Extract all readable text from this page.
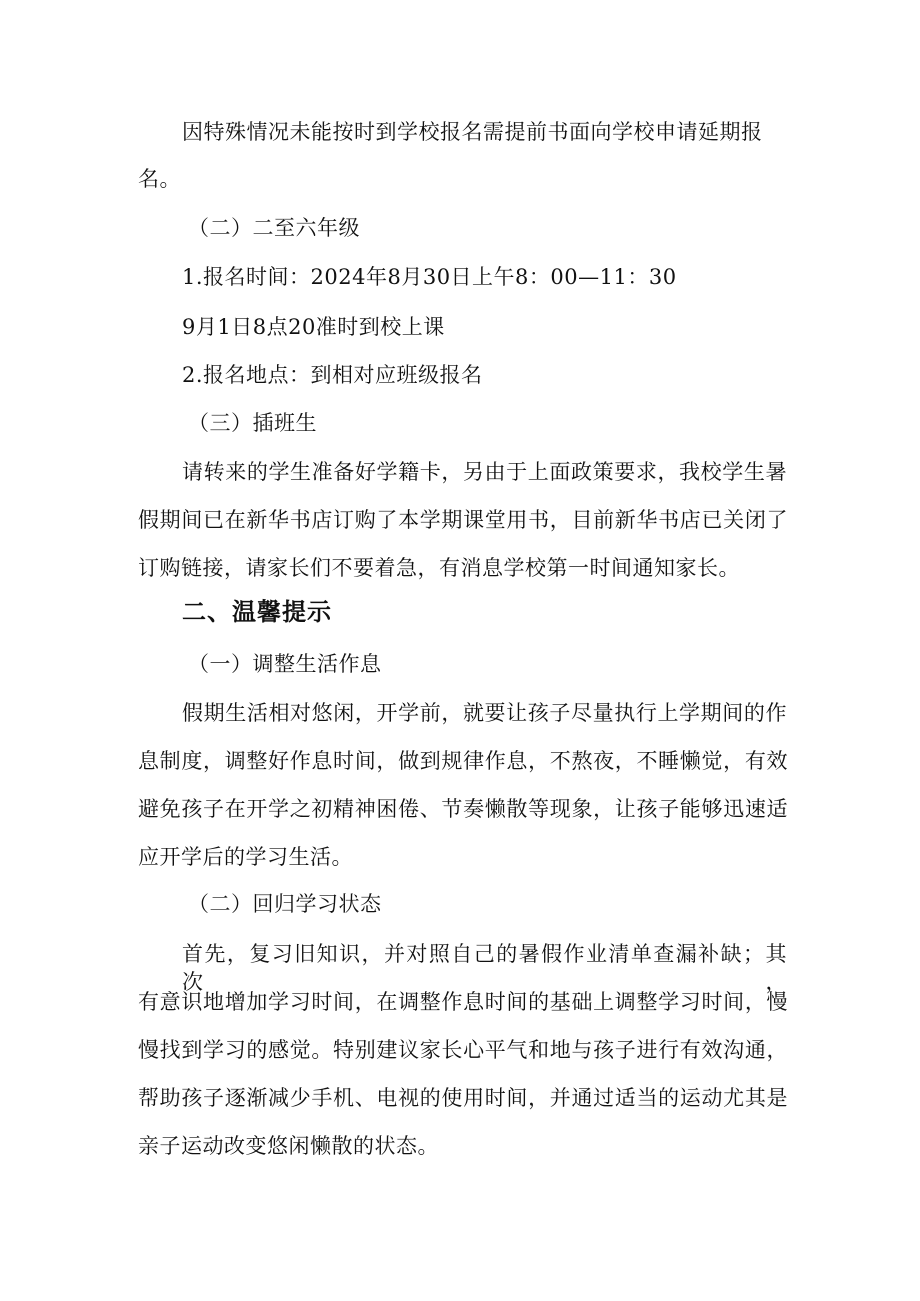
因特殊情况未能按时到学校报名需提前书面向学校申请延期报
名。
（二）二至六年级
1.报名时间：2024年8月30日上午8：00—11：30
9月1日8点20准时到校上课
2.报名地点：到相对应班级报名
（三）插班生
请转来的学生准备好学籍卡，另由于上面政策要求，我校学生暑
假期间已在新华书店订购了本学期课堂用书，目前新华书店已关闭了
订购链接，请家长们不要着急，有消息学校第一时间通知家长。
二、温馨提示
（一）调整生活作息
假期生活相对悠闲，开学前，就要让孩子尽量执行上学期间的作
息制度，调整好作息时间，做到规律作息，不熬夜，不睡懒觉，有效
避免孩子在开学之初精神困倦、节奏懒散等现象，让孩子能够迅速适
应开学后的学习生活。
（二）回归学习状态
首先，复习旧知识，并对照自己的暑假作业清单查漏补缺；其次，
有意识地增加学习时间，在调整作息时间的基础上调整学习时间，慢
慢找到学习的感觉。特别建议家长心平气和地与孩子进行有效沟通，
帮助孩子逐渐减少手机、电视的使用时间，并通过适当的运动尤其是
亲子运动改变悠闲懒散的状态。
